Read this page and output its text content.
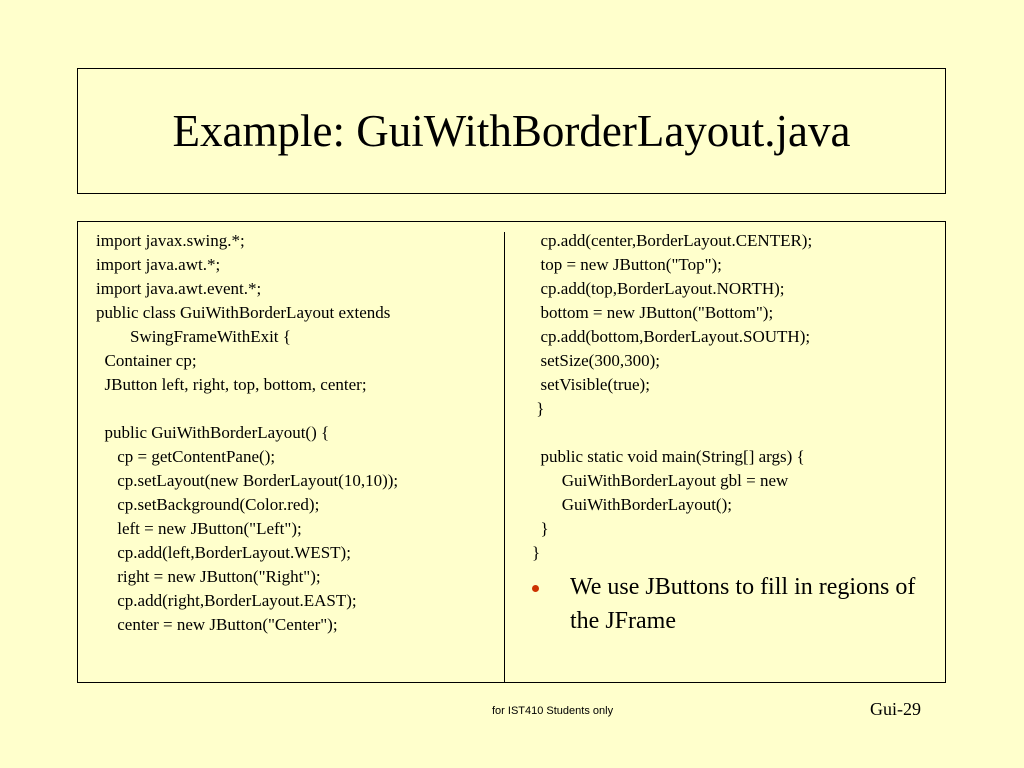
Example: GuiWithBorderLayout.java
import javax.swing.*;
import java.awt.*;
import java.awt.event.*;
public class GuiWithBorderLayout extends
SwingFrameWithExit {
Container cp;
JButton left, right, top, bottom, center;
public GuiWithBorderLayout() {
cp = getContentPane();
cp.setLayout(new BorderLayout(10,10));
cp.setBackground(Color.red);
left = new JButton("Left");
cp.add(left,BorderLayout.WEST);
right = new JButton("Right");
cp.add(right,BorderLayout.EAST);
center = new JButton("Center");
cp.add(center,BorderLayout.CENTER);
top = new JButton("Top");
cp.add(top,BorderLayout.NORTH);
bottom = new JButton("Bottom");
cp.add(bottom,BorderLayout.SOUTH);
setSize(300,300);
setVisible(true);
}
public static void main(String[] args) {
GuiWithBorderLayout gbl = new
GuiWithBorderLayout();
}
}
We use JButtons to fill in regions of the JFrame
for IST410 Students only	Gui-29
